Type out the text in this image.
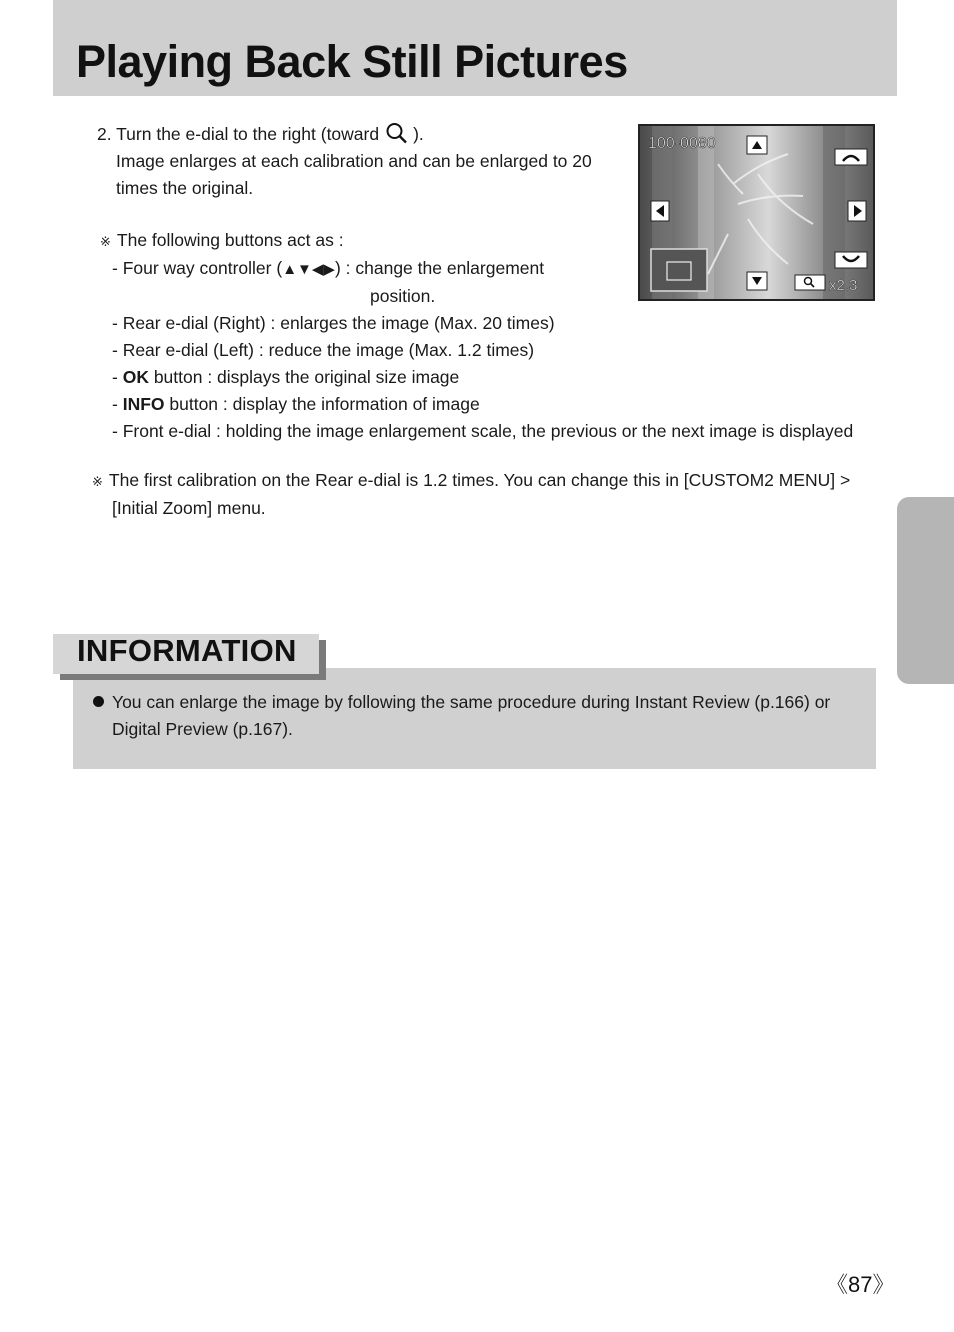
Playing Back Still Pictures
2. Turn the e-dial to the right (toward ).
Image enlarges at each calibration and can be enlarged to 20
times the original.
※ The following buttons act as :
- Four way controller (▲▼◀▶) : change the enlargement
position.
- Rear e-dial (Right) : enlarges the image (Max. 20 times)
- Rear e-dial (Left) : reduce the image (Max. 1.2 times)
- OK button : displays the original size image
- INFO button : display the information of image
- Front e-dial : holding the image enlargement scale, the previous or the next image is displayed
※ The first calibration on the Rear e-dial is 1.2 times. You can change this in [CUSTOM2 MENU] >
[Initial Zoom] menu.
100-0080
x2.3
INFORMATION
You can enlarge the image by following the same procedure during Instant Review (p.166) or
Digital Preview (p.167).
《87》
